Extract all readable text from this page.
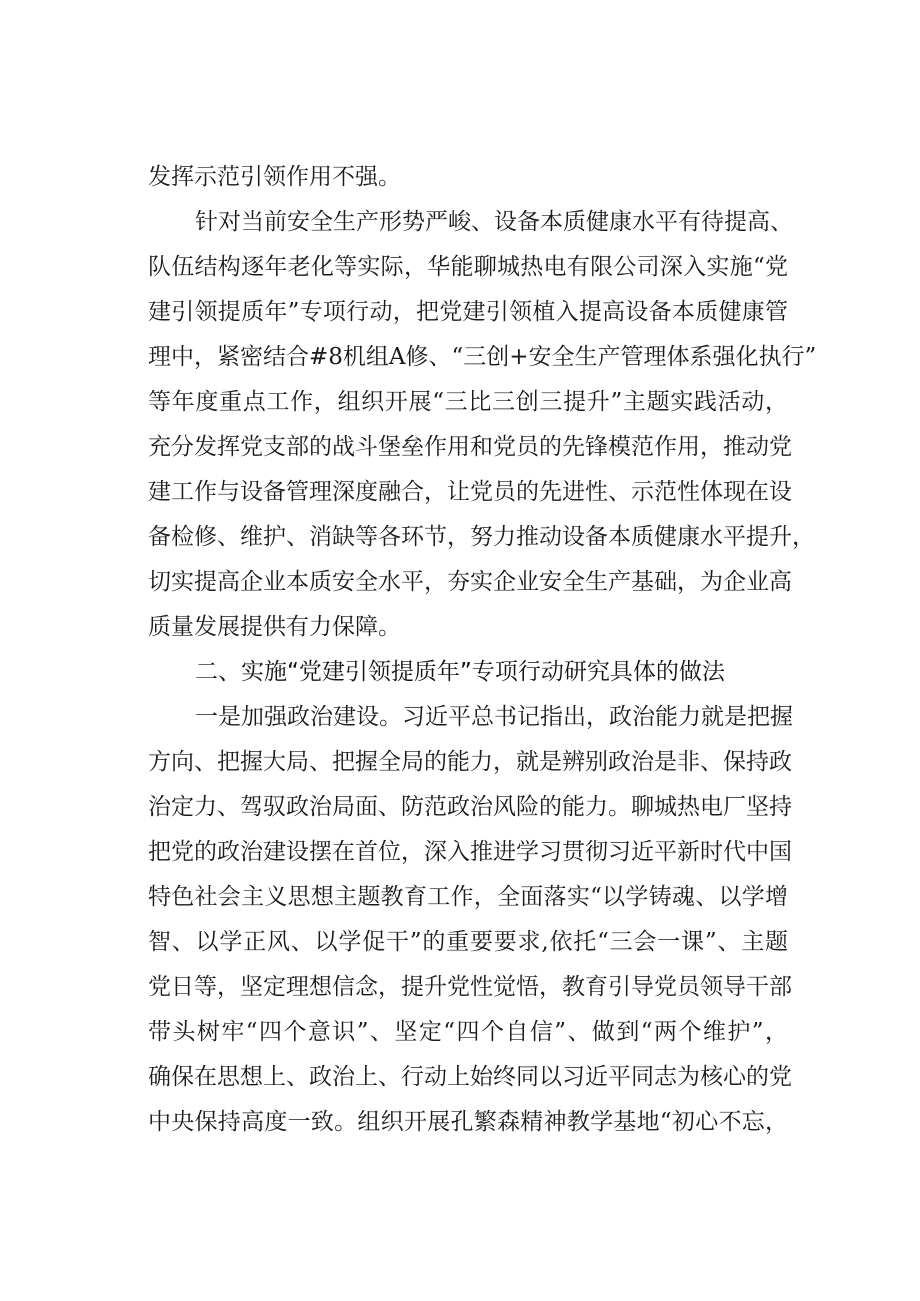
发挥示范引领作用不强。
针对当前安全生产形势严峻、设备本质健康水平有待提高、
队伍结构逐年老化等实际，华能聊城热电有限公司深入实施“党
建引领提质年”专项行动，把党建引领植入提高设备本质健康管
理中，紧密结合#8机组A修、“三创+安全生产管理体系强化执行”
等年度重点工作，组织开展“三比三创三提升”主题实践活动，
充分发挥党支部的战斗堡垒作用和党员的先锋模范作用，推动党
建工作与设备管理深度融合，让党员的先进性、示范性体现在设
备检修、维护、消缺等各环节，努力推动设备本质健康水平提升，
切实提高企业本质安全水平，夯实企业安全生产基础，为企业高
质量发展提供有力保障。
二、实施“党建引领提质年”专项行动研究具体的做法
一是加强政治建设。习近平总书记指出，政治能力就是把握
方向、把握大局、把握全局的能力，就是辨别政治是非、保持政
治定力、驾驭政治局面、防范政治风险的能力。聊城热电厂坚持
把党的政治建设摆在首位，深入推进学习贯彻习近平新时代中国
特色社会主义思想主题教育工作，全面落实“以学铸魂、以学增
智、以学正风、以学促干”的重要要求,依托“三会一课”、主题
党日等，坚定理想信念，提升党性觉悟，教育引导党员领导干部
带头树牢“四个意识”、坚定“四个自信”、做到“两个维护”，
确保在思想上、政治上、行动上始终同以习近平同志为核心的党
中央保持高度一致。组织开展孔繁森精神教学基地“初心不忘，
